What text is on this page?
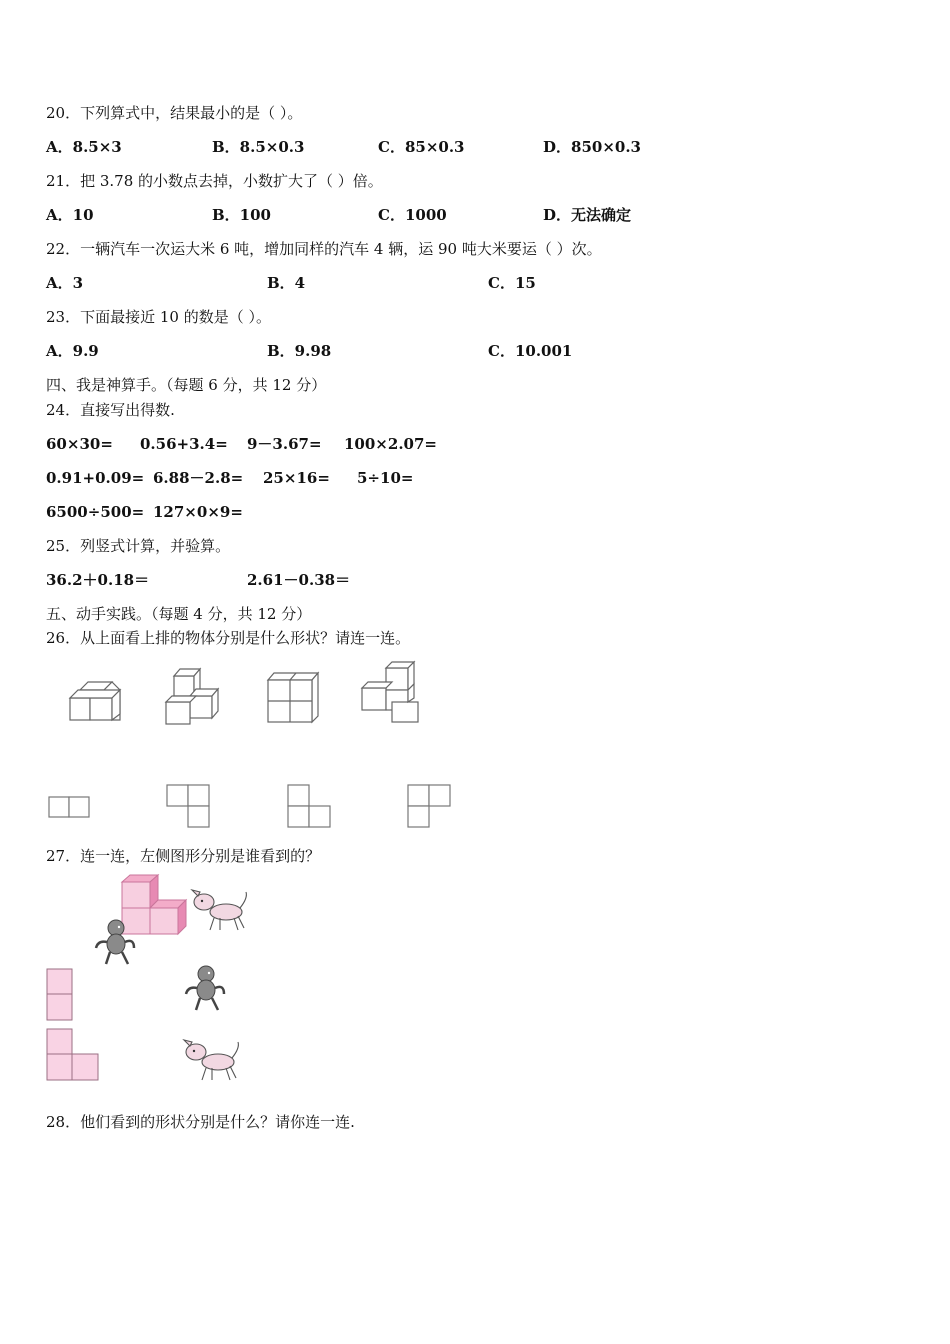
20．下列算式中，结果最小的是（ ）。
A．8.5×3	B．8.5×0.3	C．85×0.3	D．850×0.3
21．把 3.78 的小数点去掉，小数扩大了（ ）倍。
A．10	B．100	C．1000	D．无法确定
22．一辆汽车一次运大米 6 吨，增加同样的汽车 4 辆，运 90 吨大米要运（ ）次。
A．3	B．4	C．15
23．下面最接近 10 的数是（ ）。
A．9.9	B．9.98	C．10.001
四、我是神算手。（每题 6 分，共 12 分）
24．直接写出得数.
60×30= 0.56+3.4= 9－3.67= 100×2.07=
0.91+0.09= 6.88－2.8= 25×16= 5÷10=
6500÷500= 127×0×9=
25．列竖式计算，并验算。
36.2＋0.18＝	2.61－0.38＝
五、动手实践。（每题 4 分，共 12 分）
26．从上面看上排的物体分别是什么形状？请连一连。
27．连一连，左侧图形分别是谁看到的？
28．他们看到的形状分别是什么？请你连一连.
